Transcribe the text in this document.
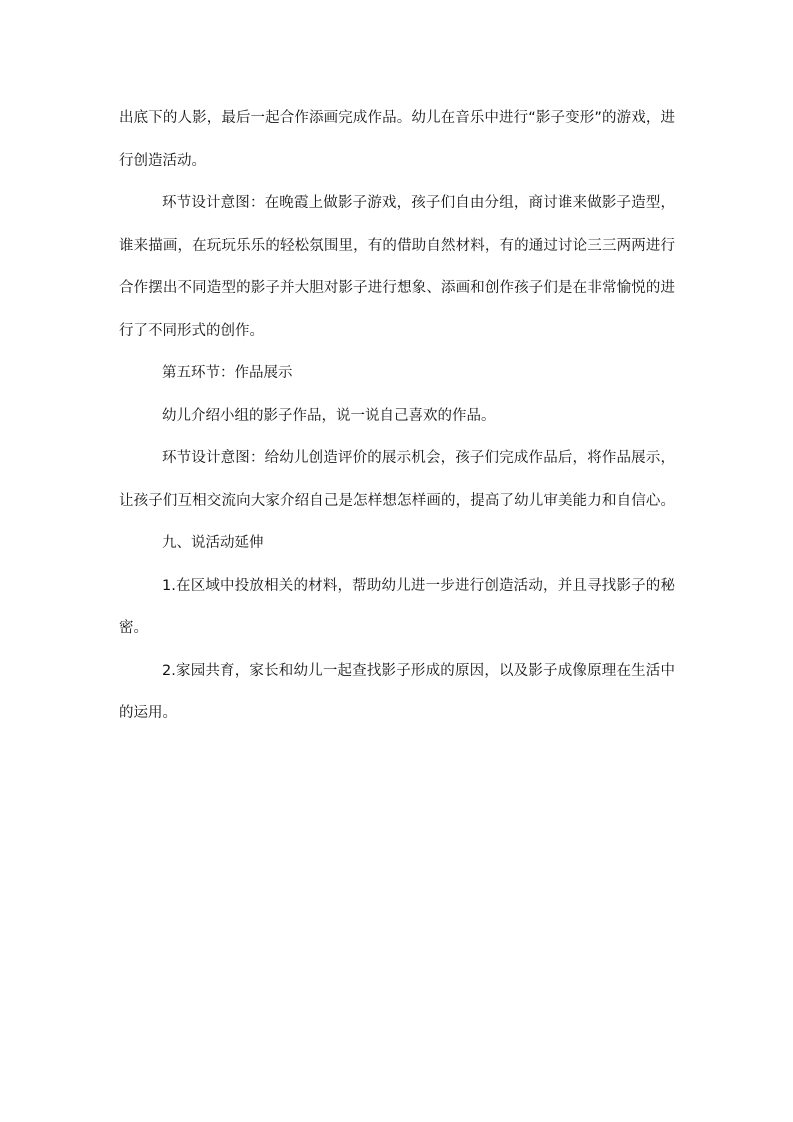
出底下的人影，最后一起合作添画完成作品。幼儿在音乐中进行“影子变形”的游戏，进
行创造活动。
环节设计意图：在晚霞上做影子游戏，孩子们自由分组，商讨谁来做影子造型，
谁来描画，在玩玩乐乐的轻松氛围里，有的借助自然材料，有的通过讨论三三两两进行
合作摆出不同造型的影子并大胆对影子进行想象、添画和创作孩子们是在非常愉悦的进
行了不同形式的创作。
第五环节：作品展示
幼儿介绍小组的影子作品，说一说自己喜欢的作品。
环节设计意图：给幼儿创造评价的展示机会，孩子们完成作品后，将作品展示，
让孩子们互相交流向大家介绍自己是怎样想怎样画的，提高了幼儿审美能力和自信心。
九、说活动延伸
1.在区域中投放相关的材料，帮助幼儿进一步进行创造活动，并且寻找影子的秘
密。
2.家园共育，家长和幼儿一起查找影子形成的原因，以及影子成像原理在生活中
的运用。
